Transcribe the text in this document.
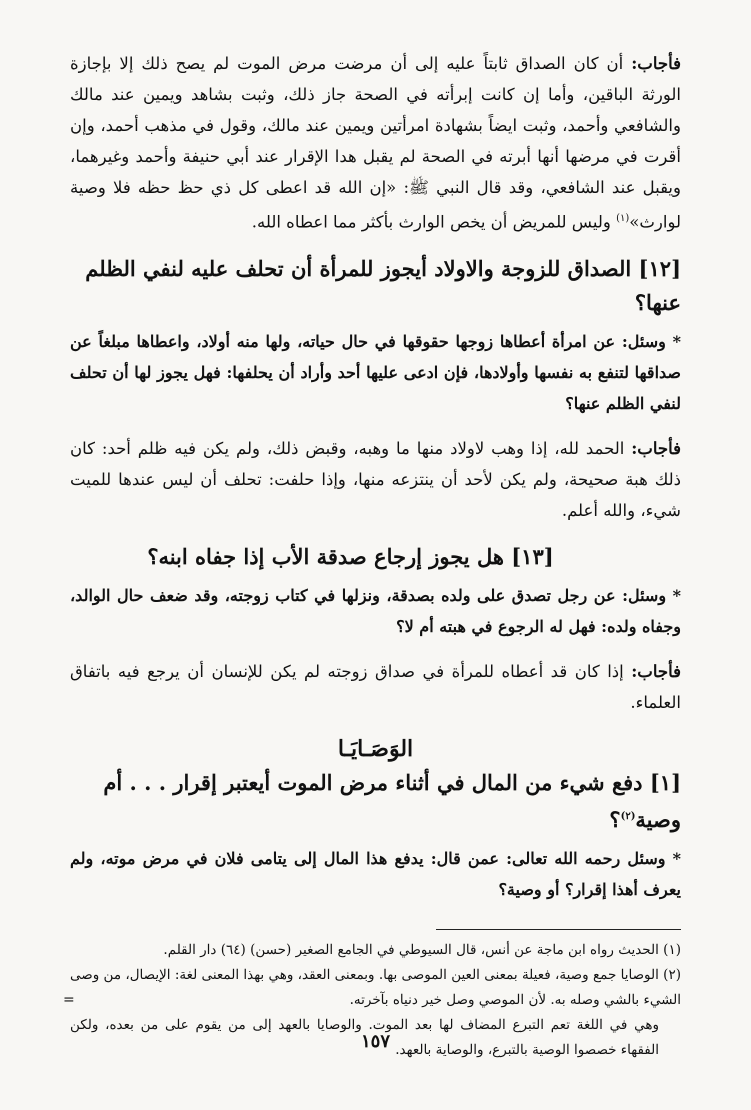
فأجاب: أن كان الصداق ثابتاً عليه إلى أن مرضت مرض الموت لم يصح ذلك إلا بإجازة الورثة الباقين، وأما إن كانت إبرأته في الصحة جاز ذلك، وثبت بشاهد ويمين عند مالك والشافعي وأحمد، وثبت ايضاً بشهادة امرأتين ويمين عند مالك، وقول في مذهب أحمد، وإن أقرت في مرضها أنها أبرته في الصحة لم يقبل هدا الإقرار عند أبي حنيفة وأحمد وغيرهما، ويقبل عند الشافعي، وقد قال النبي ﷺ: «إن الله قد اعطى كل ذي حظ حظه فلا وصية لوارث»$^{(١)}$ وليس للمريض أن يخص الوارث بأكثر مما اعطاه الله.

[١٢] الصداق للزوجة والاولاد أيجوز للمرأة أن تحلف عليه لنفي الظلم عنها؟

* وسئل: عن امرأة أعطاها زوجها حقوقها في حال حياته، ولها منه أولاد، واعطاها مبلغاً عن صداقها لتنفع به نفسها وأولادها، فإن ادعى عليها أحد وأراد أن يحلفها: فهل يجوز لها أن تحلف لنفي الظلم عنها؟

فأجاب: الحمد لله، إذا وهب لاولاد منها ما وهبه، وقبض ذلك، ولم يكن فيه ظلم أحد: كان ذلك هبة صحيحة، ولم يكن لأحد أن ينتزعه منها، وإذا حلفت: تحلف أن ليس عندها للميت شيء، والله أعلم.

[١٣] هل يجوز إرجاع صدقة الأب إذا جفاه ابنه؟

* وسئل: عن رجل تصدق على ولده بصدقة، ونزلها في كتاب زوجته، وقد ضعف حال الوالد، وجفاه ولده: فهل له الرجوع في هبته أم لا؟

فأجاب: إذا كان قد أعطاه للمرأة في صداق زوجته لم يكن للإنسان أن يرجع فيه باتفاق العلماء.

الوَصَـايَـا
[١] دفع شيء من المال في أثناء مرض الموت أيعتبر إقرار . . . أم وصية$^{(٢)}$؟

* وسئل رحمه الله تعالى: عمن قال: يدفع هذا المال إلى يتامى فلان في مرض موته، ولم يعرف أهذا إقرار؟ أو وصية؟

(١) الحديث رواه ابن ماجة عن أنس، قال السيوطي في الجامع الصغير (حسن) (٦٤) دار القلم.

(٢) الوصايا جمع وصية، فعيلة بمعنى العين الموصى بها. وبمعنى العقد، وهي بهذا المعنى لغة: الإيصال، من وصى الشيء بالشي وصله به. لأن الموصي وصل خير دنياه بآخرته.

وهي في اللغة تعم التبرع المضاف لها بعد الموت. والوصايا بالعهد إلى من يقوم على من بعده، ولكن الفقهاء خصصوا الوصية بالتبرع، والوصاية بالعهد.

=
١٥٧
